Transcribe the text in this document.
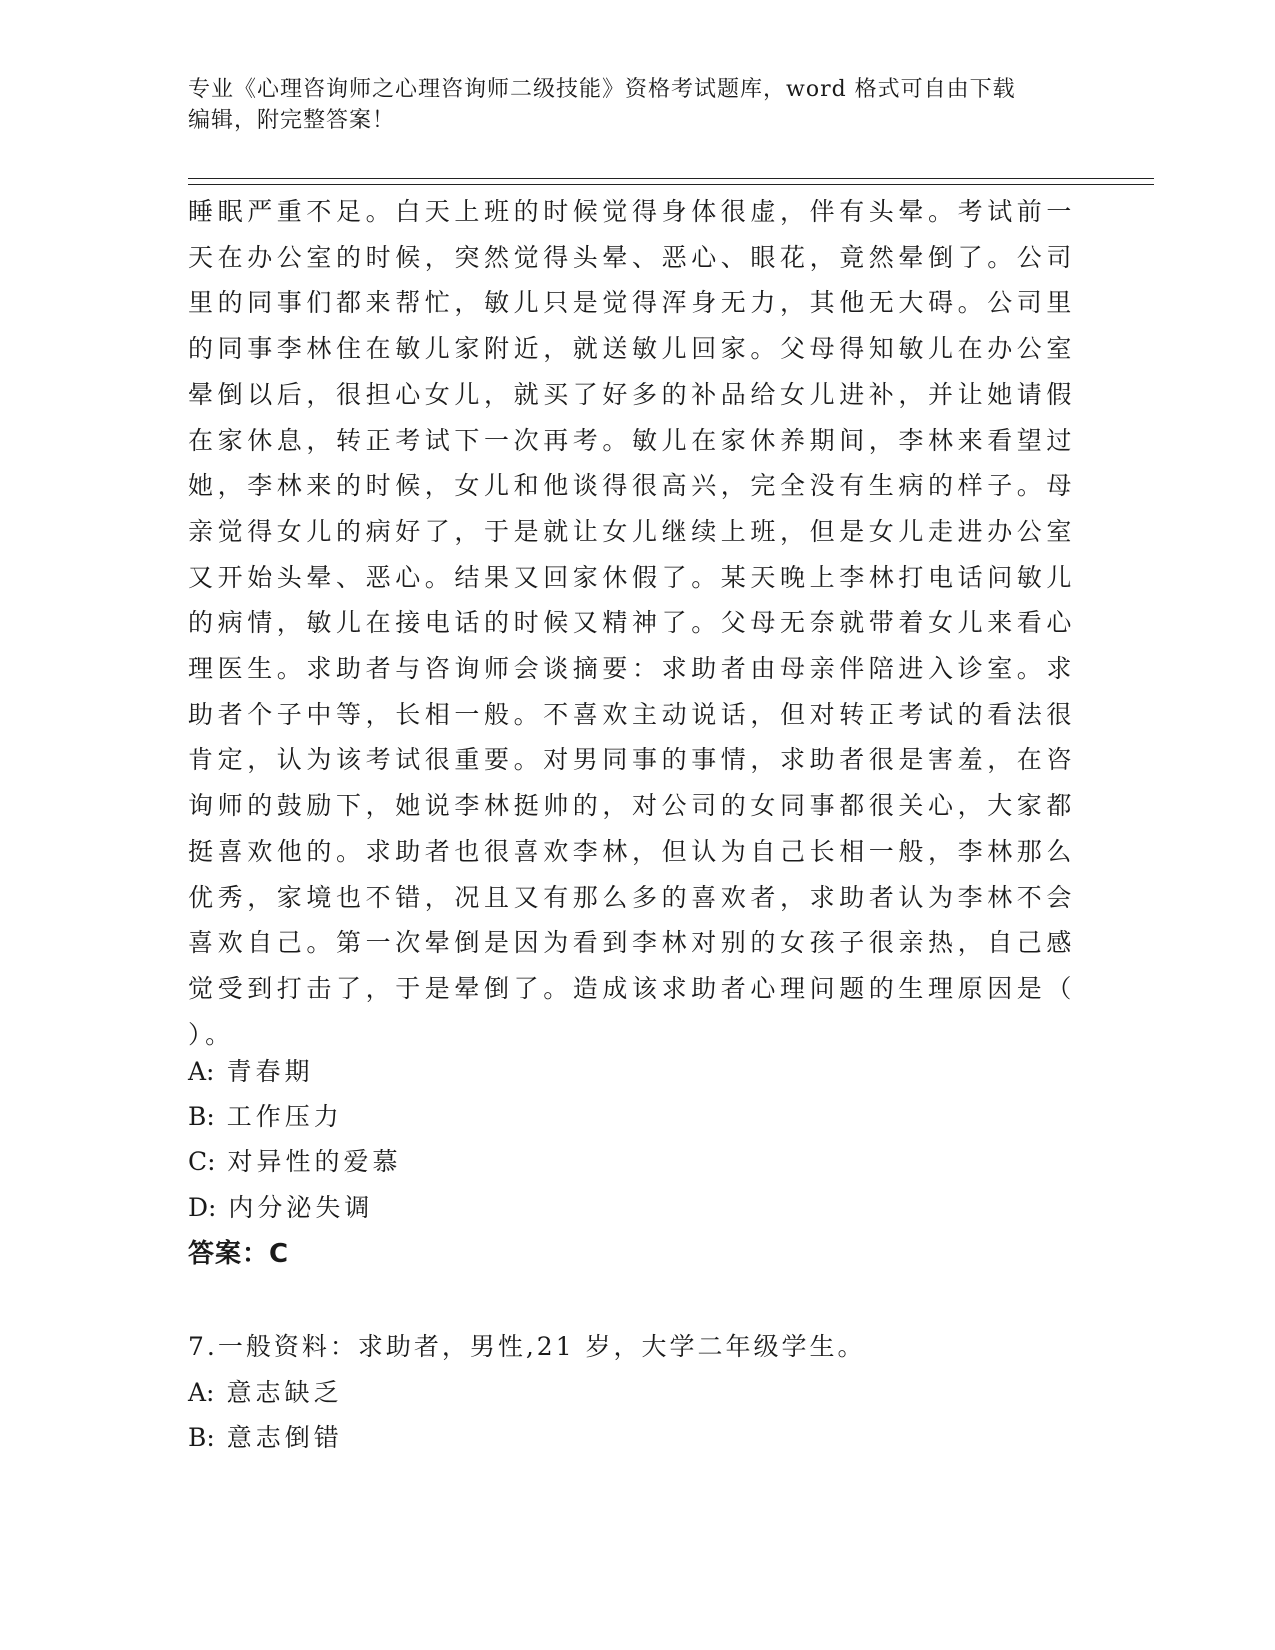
专业《心理咨询师之心理咨询师二级技能》资格考试题库，word 格式可自由下载
编辑，附完整答案！
睡眠严重不足。白天上班的时候觉得身体很虚，伴有头晕。考试前一
天在办公室的时候，突然觉得头晕、恶心、眼花，竟然晕倒了。公司
里的同事们都来帮忙，敏儿只是觉得浑身无力，其他无大碍。公司里
的同事李林住在敏儿家附近，就送敏儿回家。父母得知敏儿在办公室
晕倒以后，很担心女儿，就买了好多的补品给女儿进补，并让她请假
在家休息，转正考试下一次再考。敏儿在家休养期间，李林来看望过
她，李林来的时候，女儿和他谈得很高兴，完全没有生病的样子。母
亲觉得女儿的病好了，于是就让女儿继续上班，但是女儿走进办公室
又开始头晕、恶心。结果又回家休假了。某天晚上李林打电话问敏儿
的病情，敏儿在接电话的时候又精神了。父母无奈就带着女儿来看心
理医生。求助者与咨询师会谈摘要：求助者由母亲伴陪进入诊室。求
助者个子中等，长相一般。不喜欢主动说话，但对转正考试的看法很
肯定，认为该考试很重要。对男同事的事情，求助者很是害羞，在咨
询师的鼓励下，她说李林挺帅的，对公司的女同事都很关心，大家都
挺喜欢他的。求助者也很喜欢李林，但认为自己长相一般，李林那么
优秀，家境也不错，况且又有那么多的喜欢者，求助者认为李林不会
喜欢自己。第一次晕倒是因为看到李林对别的女孩子很亲热，自己感
觉受到打击了，于是晕倒了。造成该求助者心理问题的生理原因是（
）。
A: 青春期
B: 工作压力
C: 对异性的爱慕
D: 内分泌失调
答案：C
7.一般资料：求助者，男性,21 岁，大学二年级学生。
A: 意志缺乏
B: 意志倒错
